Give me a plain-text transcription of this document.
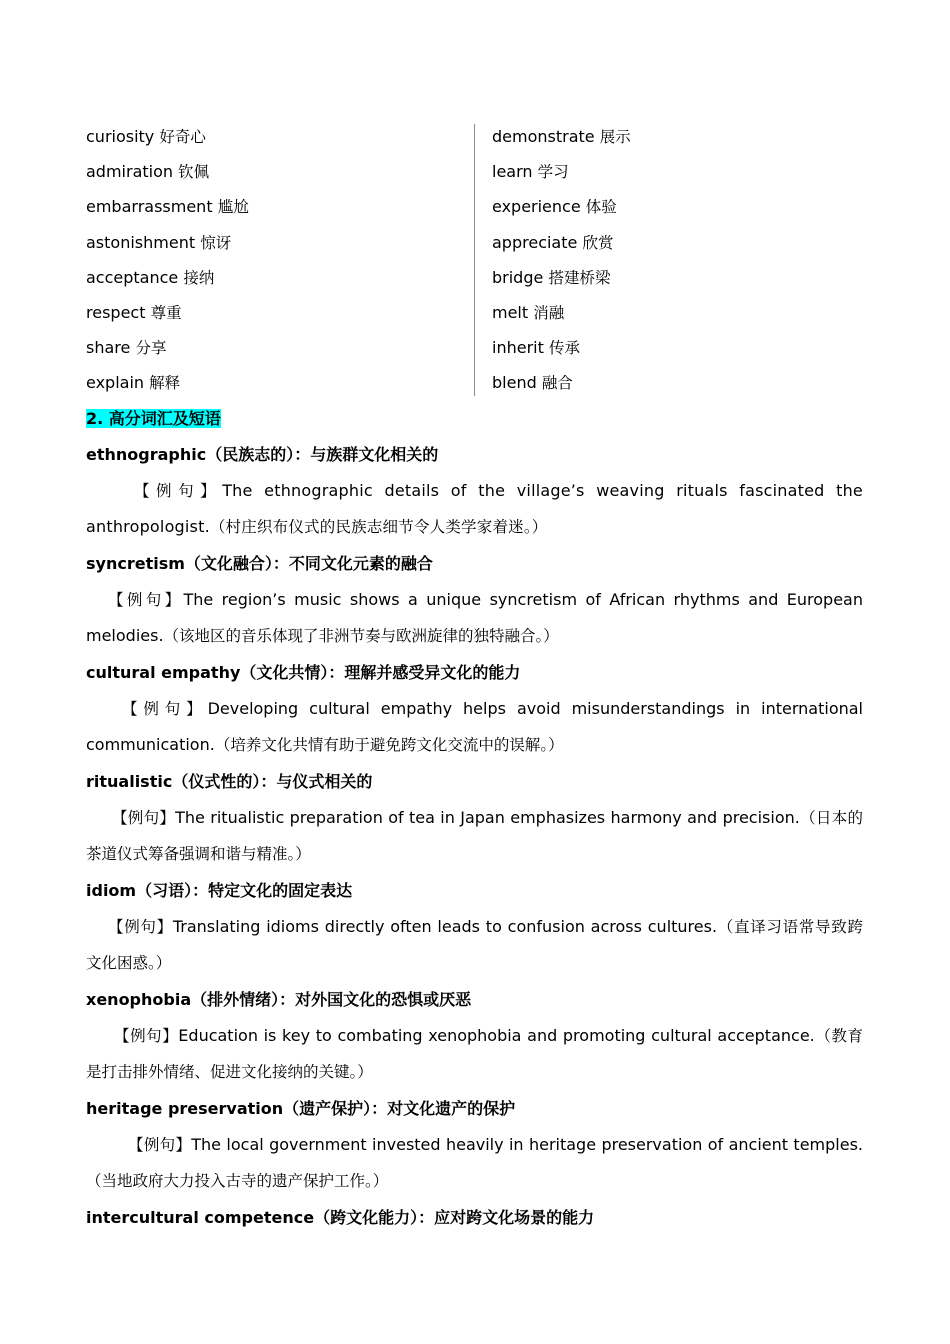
curiosity 好奇心
admiration 钦佩
embarrassment 尴尬
astonishment 惊讶
acceptance 接纳
respect 尊重
share 分享
explain 解释
demonstrate 展示
learn 学习
experience 体验
appreciate 欣赏
bridge 搭建桥梁
melt 消融
inherit 传承
blend 融合
2. 高分词汇及短语
ethnographic（民族志的）：与族群文化相关的
【例句】The ethnographic details of the village’s weaving rituals fascinated the anthropologist.（村庄织布仪式的民族志细节令人类学家着迷。）
syncretism（文化融合）：不同文化元素的融合
【例句】The region’s music shows a unique syncretism of African rhythms and European melodies.（该地区的音乐体现了非洲节奏与欧洲旋律的独特融合。）
cultural empathy（文化共情）：理解并感受异文化的能力
【例句】Developing cultural empathy helps avoid misunderstandings in international communication.（培养文化共情有助于避免跨文化交流中的误解。）
ritualistic（仪式性的）：与仪式相关的
【例句】The ritualistic preparation of tea in Japan emphasizes harmony and precision.（日本的茶道仪式筹备强调和谐与精准。）
idiom（习语）：特定文化的固定表达
【例句】Translating idioms directly often leads to confusion across cultures.（直译习语常导致跨文化困惑。）
xenophobia（排外情绪）：对外国文化的恐惧或厌恶
【例句】Education is key to combating xenophobia and promoting cultural acceptance.（教育是打击排外情绪、促进文化接纳的关键。）
heritage preservation（遗产保护）：对文化遗产的保护
【例句】The local government invested heavily in heritage preservation of ancient temples.（当地政府大力投入古寺的遗产保护工作。）
intercultural competence（跨文化能力）：应对跨文化场景的能力
